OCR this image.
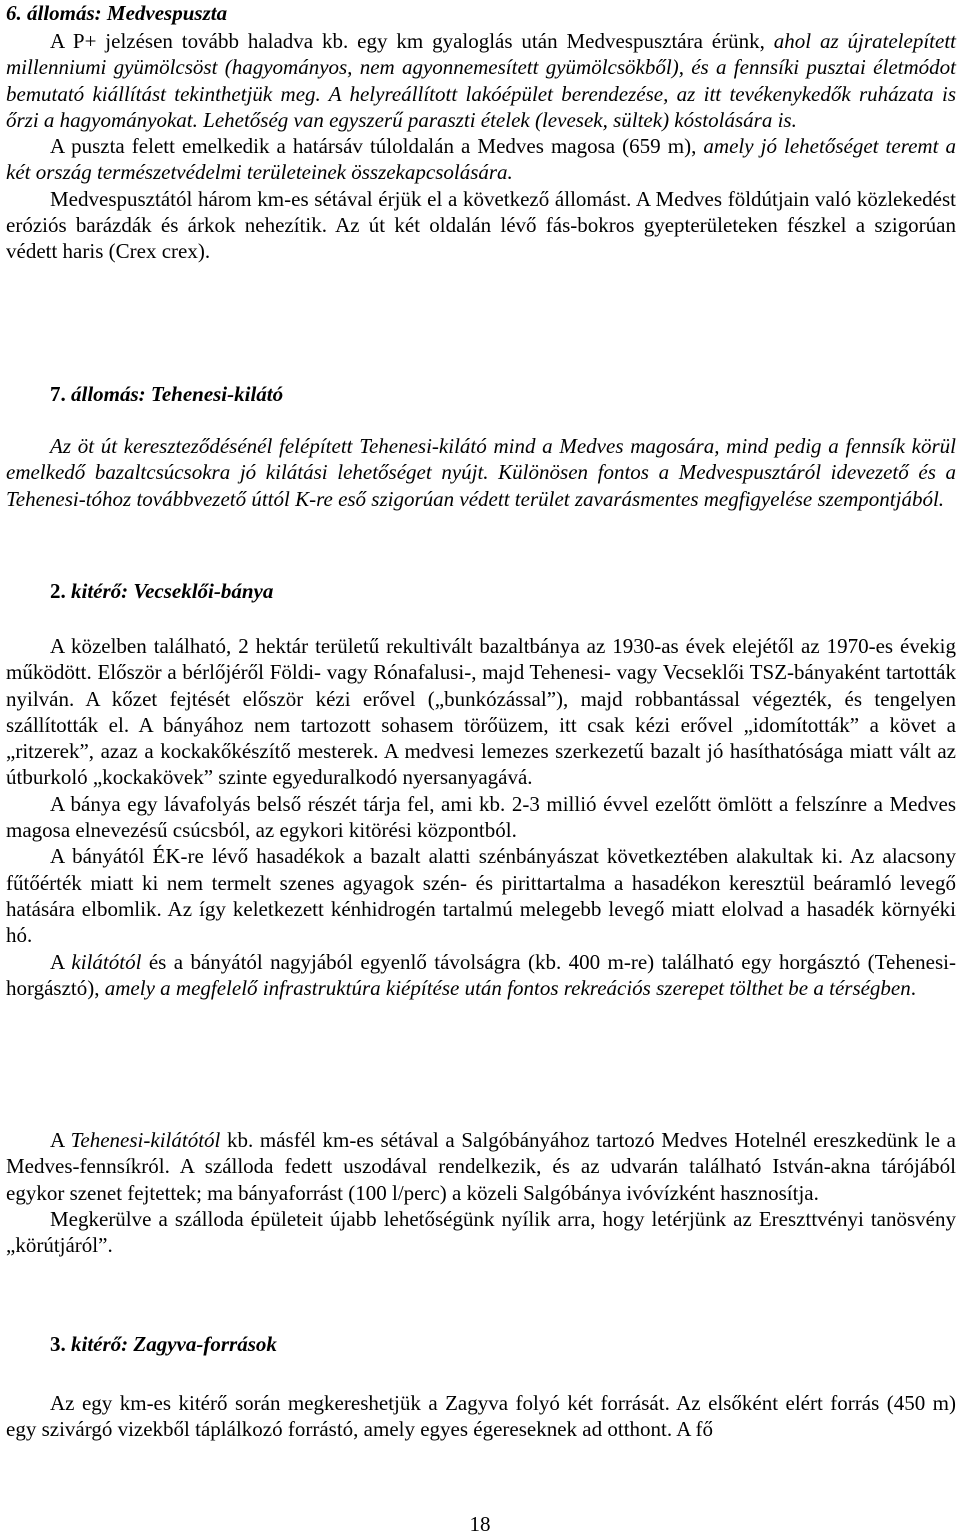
6. állomás: Medvespuszta

A P+ jelzésen tovább haladva kb. egy km gyaloglás után Medvespusztára érünk, ahol az újratelepített millenniumi gyümölcsöst (hagyományos, nem agyonnemesített gyümölcsökből), és a fennsíki pusztai életmódot bemutató kiállítást tekinthetjük meg. A helyreállított lakóépület berendezése, az itt tevékenykedők ruházata is őrzi a hagyományokat. Lehetőség van egyszerű paraszti ételek (levesek, sültek) kóstolására is.

A puszta felett emelkedik a határsáv túloldalán a Medves magosa (659 m), amely jó lehetőséget teremt a két ország természetvédelmi területeinek összekapcsolására.

Medvespusztától három km-es sétával érjük el a következő állomást. A Medves földútjain való közlekedést eróziós barázdák és árkok nehezítik. Az út két oldalán lévő fás-bokros gyepterületeken fészkel a szigorúan védett haris (Crex crex).

7. állomás: Tehenesi-kilátó

Az öt út kereszteződésénél felépített Tehenesi-kilátó mind a Medves magosára, mind pedig a fennsík körül emelkedő bazaltcsúcsokra jó kilátási lehetőséget nyújt. Különösen fontos a Medvespusztáról idevezető és a Tehenesi-tóhoz továbbvezető úttól K-re eső szigorúan védett terület zavarásmentes megfigyelése szempontjából.

2. kitérő: Vecseklői-bánya

A közelben található, 2 hektár területű rekultivált bazaltbánya az 1930-as évek elejétől az 1970-es évekig működött. Először a bérlőjéről Földi- vagy Rónafalusi-, majd Tehenesi- vagy Vecseklői TSZ-bányaként tartották nyilván. A kőzet fejtését először kézi erővel („bunkózással”), majd robbantással végezték, és tengelyen szállították el. A bányához nem tartozott sohasem törőüzem, itt csak kézi erővel „idomították” a követ a „ritzerek”, azaz a kockakőkészítő mesterek. A medvesi lemezes szerkezetű bazalt jó hasíthatósága miatt vált az útburkoló „kockakövek” szinte egyeduralkodó nyersanyagává.

A bánya egy lávafolyás belső részét tárja fel, ami kb. 2-3 millió évvel ezelőtt ömlött a felszínre a Medves magosa elnevezésű csúcsból, az egykori kitörési központból.

A bányától ÉK-re lévő hasadékok a bazalt alatti szénbányászat következtében alakultak ki. Az alacsony fűtőérték miatt ki nem termelt szenes agyagok szén- és pirittartalma a hasadékon keresztül beáramló levegő hatására elbomlik. Az így keletkezett kénhidrogén tartalmú melegebb levegő miatt elolvad a hasadék környéki hó.

A kilátótól és a bányától nagyjából egyenlő távolságra (kb. 400 m-re) található egy horgásztó (Tehenesi-horgásztó), amely a megfelelő infrastruktúra kiépítése után fontos rekreációs szerepet tölthet be a térségben.

A Tehenesi-kilátótól kb. másfél km-es sétával a Salgóbányához tartozó Medves Hotelnél ereszkedünk le a Medves-fennsíkról. A szálloda fedett uszodával rendelkezik, és az udvarán található István-akna tárójából egykor szenet fejtettek; ma bányaforrást (100 l/perc) a közeli Salgóbánya ivóvízként hasznosítja.

Megkerülve a szálloda épületeit újabb lehetőségünk nyílik arra, hogy letérjünk az Ereszttvényi tanösvény „körútjáról”.

3. kitérő: Zagyva-források

Az egy km-es kitérő során megkereshetjük a Zagyva folyó két forrását. Az elsőként elért forrás (450 m) egy szivárgó vizekből táplálkozó forrástó, amely egyes égereseknek ad otthont. A fő

18
